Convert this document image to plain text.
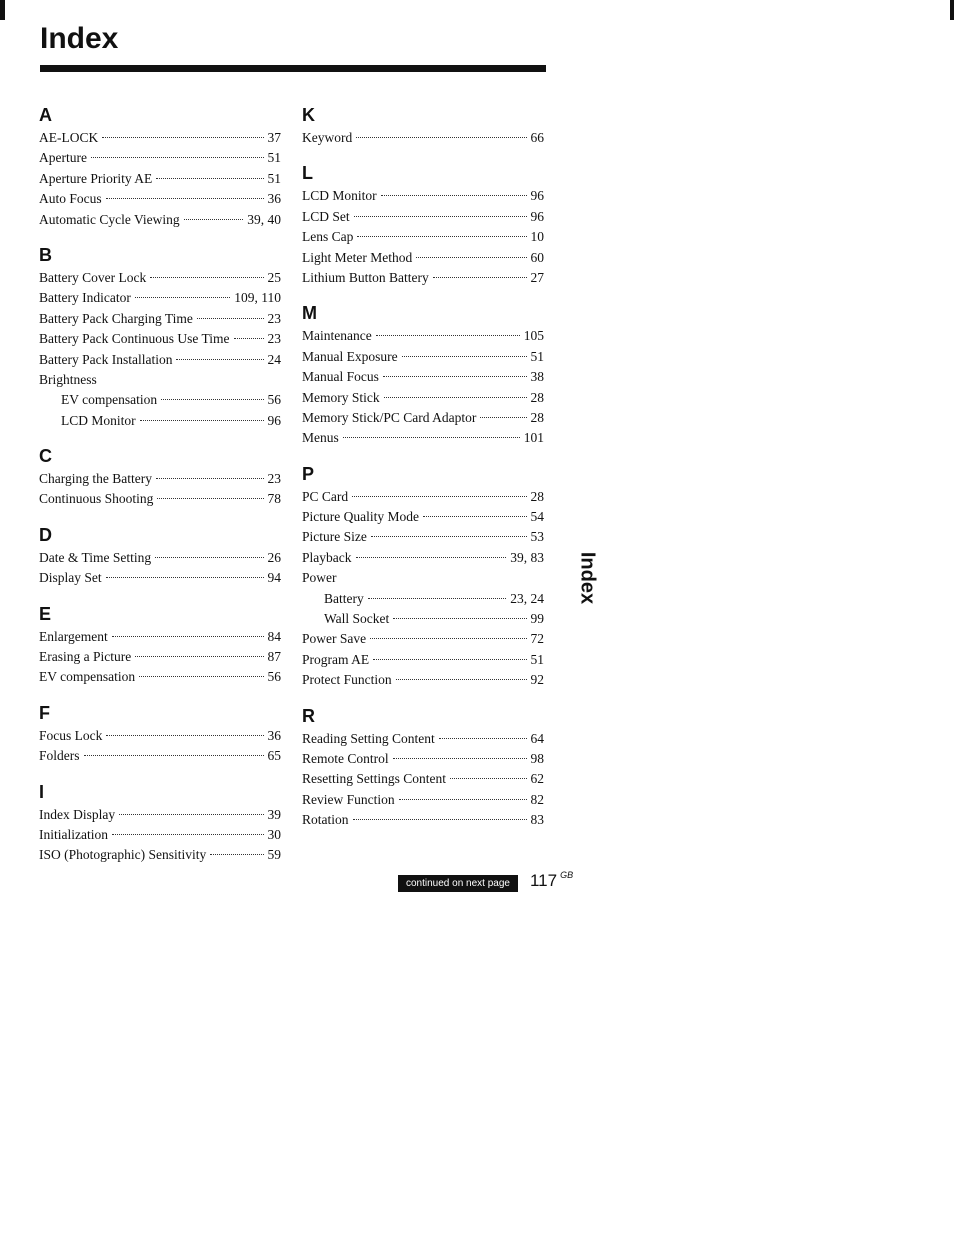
Index
A
AE-LOCK	37
Aperture	51
Aperture Priority AE	51
Auto Focus	36
Automatic Cycle Viewing	39, 40
B
Battery Cover Lock	25
Battery Indicator	109, 110
Battery Pack Charging Time	23
Battery Pack Continuous Use Time	23
Battery Pack Installation	24
Brightness
EV compensation	56
LCD Monitor	96
C
Charging the Battery	23
Continuous Shooting	78
D
Date & Time Setting	26
Display Set	94
E
Enlargement	84
Erasing a Picture	87
EV compensation	56
F
Focus Lock	36
Folders	65
I
Index Display	39
Initialization	30
ISO (Photographic) Sensitivity	59
K
Keyword	66
L
LCD Monitor	96
LCD Set	96
Lens Cap	10
Light Meter Method	60
Lithium Button Battery	27
M
Maintenance	105
Manual Exposure	51
Manual Focus	38
Memory Stick	28
Memory Stick/PC Card Adaptor	28
Menus	101
P
PC Card	28
Picture Quality Mode	54
Picture Size	53
Playback	39, 83
Power
Battery	23, 24
Wall Socket	99
Power Save	72
Program AE	51
Protect Function	92
R
Reading Setting Content	64
Remote Control	98
Resetting Settings Content	62
Review Function	82
Rotation	83
Index
continued on next page	117 $^{GB}$
